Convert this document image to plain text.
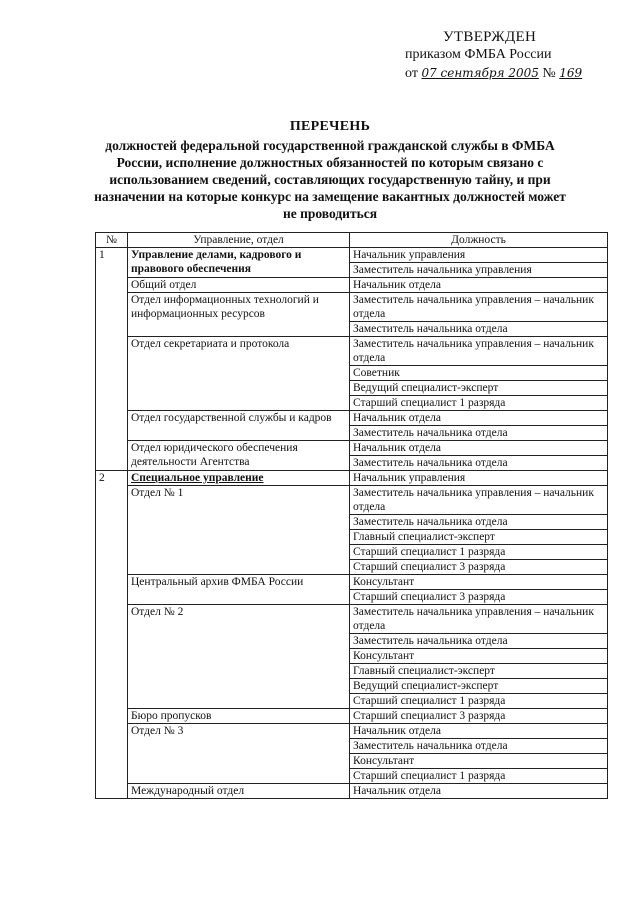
УТВЕРЖДЕН
приказом ФМБА России
от 07 сентября 2005 № 169
ПЕРЕЧЕНЬ
должностей федеральной государственной гражданской службы в ФМБА России, исполнение должностных обязанностей по которым связано с использованием сведений, составляющих государственную тайну, и при назначении на которые конкурс на замещение вакантных должностей может не проводиться
№	Управление, отдел	Должность
1	Управление делами, кадрового и правового обеспечения	Начальник управления
		Заместитель начальника управления
	Общий отдел	Начальник отдела
	Отдел информационных технологий и информационных ресурсов	Заместитель начальника управления – начальник отдела
		Заместитель начальника отдела
	Отдел секретариата и протокола	Заместитель начальника управления – начальник отдела
		Советник
		Ведущий специалист-эксперт
		Старший специалист 1 разряда
	Отдел государственной службы и кадров	Начальник отдела
		Заместитель начальника отдела
	Отдел юридического обеспечения деятельности Агентства	Начальник отдела
		Заместитель начальника отдела
2	Специальное управление	Начальник управления
	Отдел № 1	Заместитель начальника управления – начальник отдела
		Заместитель начальника отдела
		Главный специалист-эксперт
		Старший специалист 1 разряда
		Старший специалист 3 разряда
	Центральный архив ФМБА России	Консультант
		Старший специалист 3 разряда
	Отдел № 2	Заместитель начальника управления – начальник отдела
		Заместитель начальника отдела
		Консультант
		Главный специалист-эксперт
		Ведущий специалист-эксперт
		Старший специалист 1 разряда
	Бюро пропусков	Старший специалист 3 разряда
	Отдел № 3	Начальник отдела
		Заместитель начальника отдела
		Консультант
		Старший специалист 1 разряда
	Международный отдел	Начальник отдела
